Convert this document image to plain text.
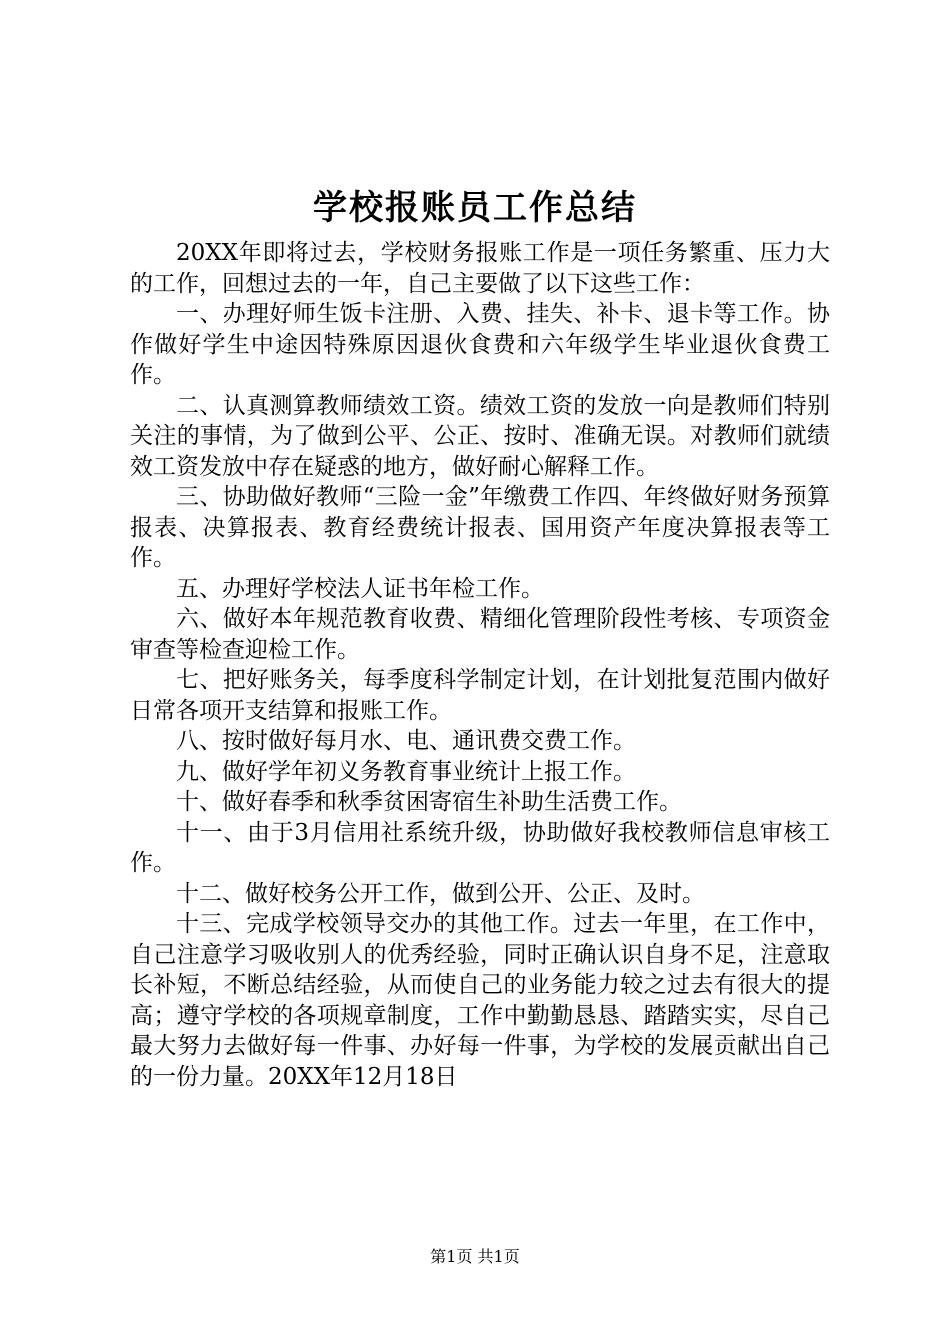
学校报账员工作总结

20XX年即将过去，学校财务报账工作是一项任务繁重、压力大的工作，回想过去的一年，自己主要做了以下这些工作：

一、办理好师生饭卡注册、入费、挂失、补卡、退卡等工作。协作做好学生中途因特殊原因退伙食费和六年级学生毕业退伙食费工作。

二、认真测算教师绩效工资。绩效工资的发放一向是教师们特别关注的事情，为了做到公平、公正、按时、准确无误。对教师们就绩效工资发放中存在疑惑的地方，做好耐心解释工作。

三、协助做好教师“三险一金”年缴费工作四、年终做好财务预算报表、决算报表、教育经费统计报表、国用资产年度决算报表等工作。

五、办理好学校法人证书年检工作。

六、做好本年规范教育收费、精细化管理阶段性考核、专项资金审查等检查迎检工作。

七、把好账务关，每季度科学制定计划，在计划批复范围内做好日常各项开支结算和报账工作。

八、按时做好每月水、电、通讯费交费工作。

九、做好学年初义务教育事业统计上报工作。

十、做好春季和秋季贫困寄宿生补助生活费工作。

十一、由于3月信用社系统升级，协助做好我校教师信息审核工作。

十二、做好校务公开工作，做到公开、公正、及时。

十三、完成学校领导交办的其他工作。过去一年里，在工作中，自己注意学习吸收别人的优秀经验，同时正确认识自身不足，注意取长补短，不断总结经验，从而使自己的业务能力较之过去有很大的提高；遵守学校的各项规章制度，工作中勤勤恳恳、踏踏实实，尽自己最大努力去做好每一件事、办好每一件事，为学校的发展贡献出自己的一份力量。20XX年12月18日

第1页 共1页
